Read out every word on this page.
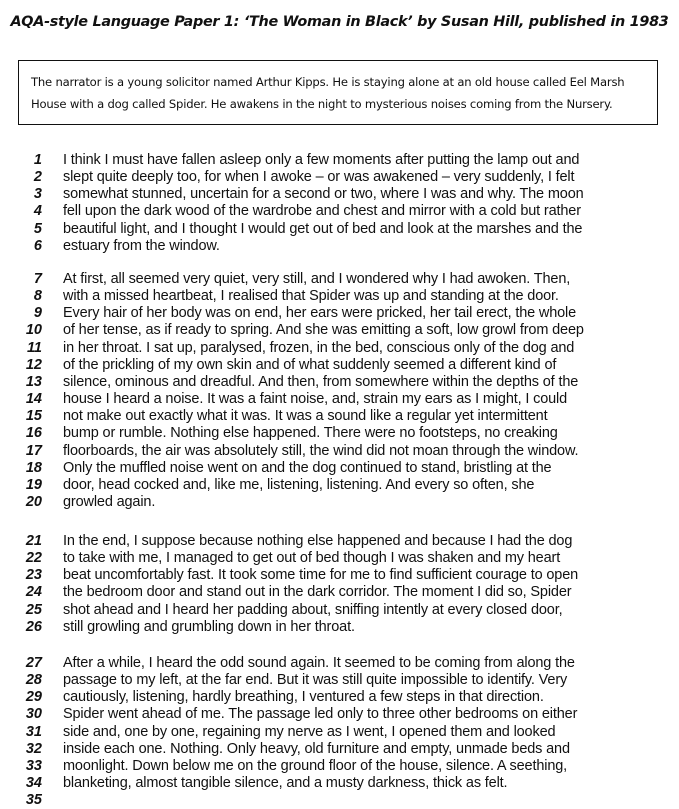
AQA-style Language Paper 1: ‘The Woman in Black’ by Susan Hill, published in 1983
The narrator is a young solicitor named Arthur Kipps. He is staying alone at an old house called Eel Marsh
House with a dog called Spider. He awakens in the night to mysterious noises coming from the Nursery.
1 I think I must have fallen asleep only a few moments after putting the lamp out and
2 slept quite deeply too, for when I awoke – or was awakened – very suddenly, I felt
3 somewhat stunned, uncertain for a second or two, where I was and why. The moon
4 fell upon the dark wood of the wardrobe and chest and mirror with a cold but rather
5 beautiful light, and I thought I would get out of bed and look at the marshes and the
6 estuary from the window.
7 At first, all seemed very quiet, very still, and I wondered why I had awoken. Then,
8 with a missed heartbeat, I realised that Spider was up and standing at the door.
9 Every hair of her body was on end, her ears were pricked, her tail erect, the whole
10 of her tense, as if ready to spring. And she was emitting a soft, low growl from deep
11 in her throat. I sat up, paralysed, frozen, in the bed, conscious only of the dog and
12 of the prickling of my own skin and of what suddenly seemed a different kind of
13 silence, ominous and dreadful. And then, from somewhere within the depths of the
14 house I heard a noise. It was a faint noise, and, strain my ears as I might, I could
15 not make out exactly what it was. It was a sound like a regular yet intermittent
16 bump or rumble. Nothing else happened. There were no footsteps, no creaking
17 floorboards, the air was absolutely still, the wind did not moan through the window.
18 Only the muffled noise went on and the dog continued to stand, bristling at the
19 door, head cocked and, like me, listening, listening. And every so often, she
20 growled again.
21 In the end, I suppose because nothing else happened and because I had the dog
22 to take with me, I managed to get out of bed though I was shaken and my heart
23 beat uncomfortably fast. It took some time for me to find sufficient courage to open
24 the bedroom door and stand out in the dark corridor. The moment I did so, Spider
25 shot ahead and I heard her padding about, sniffing intently at every closed door,
26 still growling and grumbling down in her throat.
27 After a while, I heard the odd sound again. It seemed to be coming from along the
28 passage to my left, at the far end. But it was still quite impossible to identify. Very
29 cautiously, listening, hardly breathing, I ventured a few steps in that direction.
30 Spider went ahead of me. The passage led only to three other bedrooms on either
31 side and, one by one, regaining my nerve as I went, I opened them and looked
32 inside each one. Nothing. Only heavy, old furniture and empty, unmade beds and
33 moonlight. Down below me on the ground floor of the house, silence. A seething,
34 blanketing, almost tangible silence, and a musty darkness, thick as felt.
35
